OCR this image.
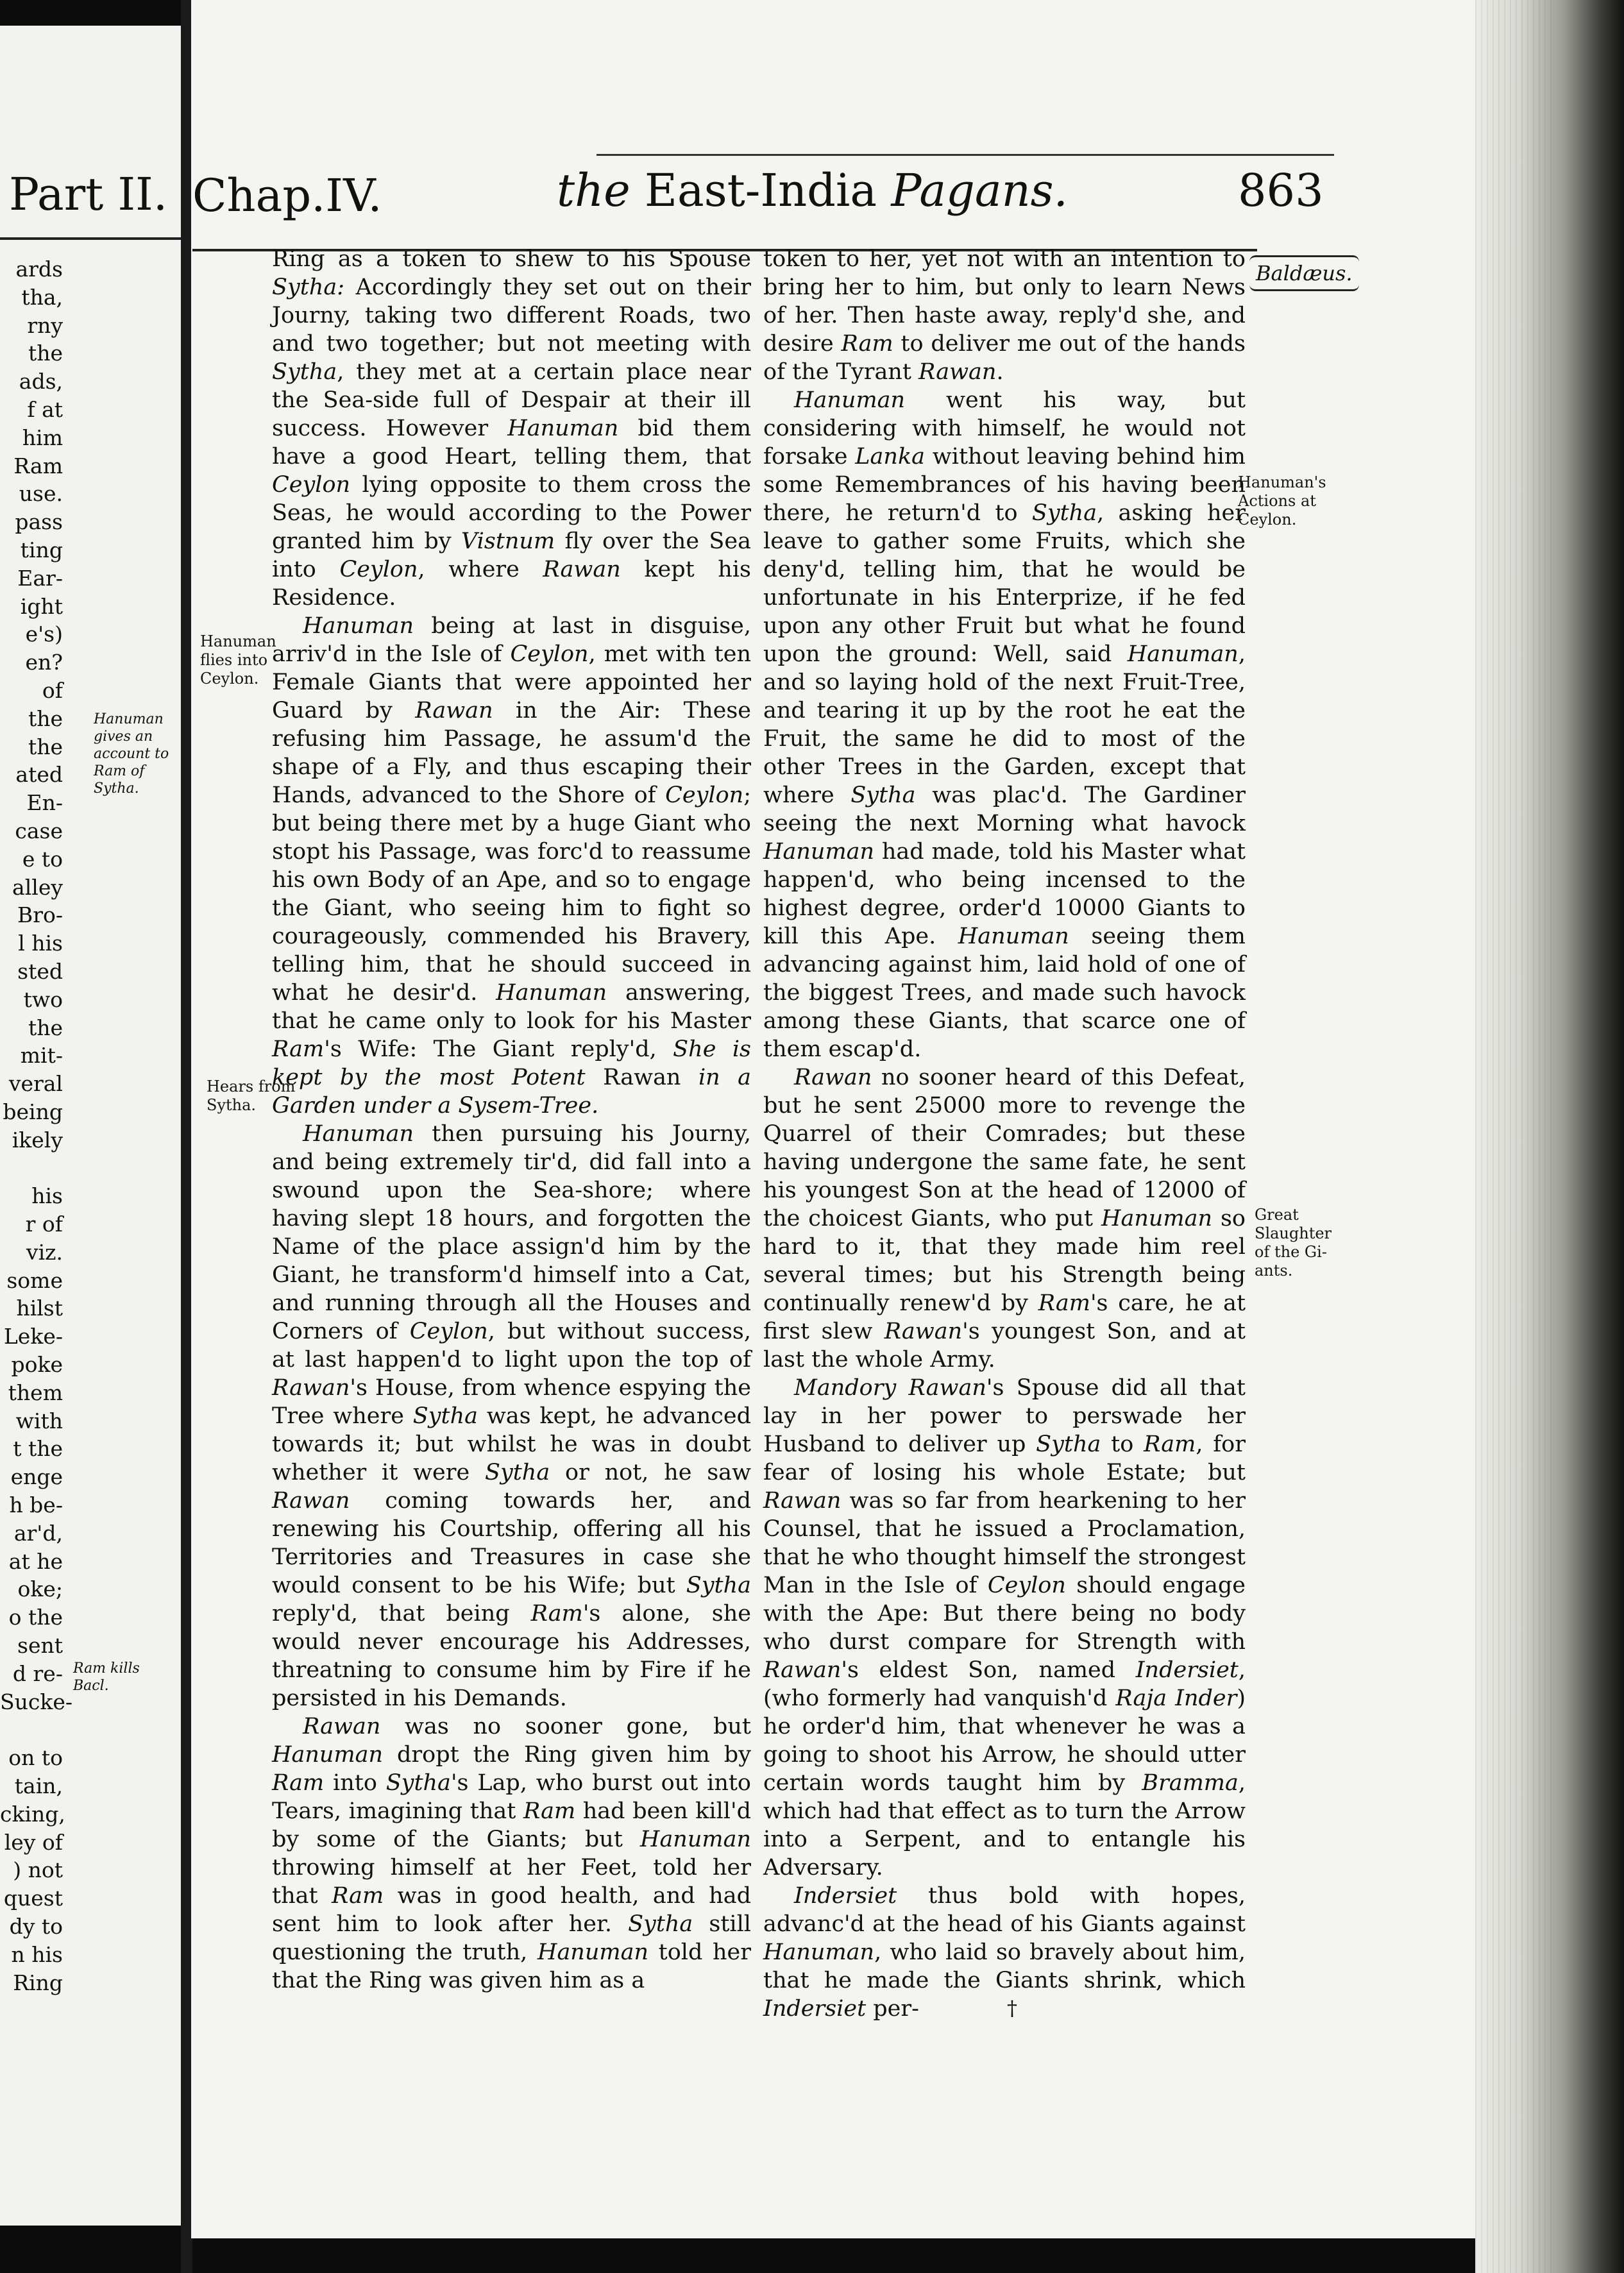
Part II.
ards
tha,
rny
the
ads,
f at
him
Ram
use.
pass
ting
Ear-
ight
e's)
en?
of
the
the
ated
En-
case
e to
alley
Bro-
l his
sted
two
the
mit-
veral
being
ikely
his
r of
viz.
some
hilst
Leke-
poke
them
with
t the
enge
h be-
ar'd,
at he
oke;
o the
sent
d re-
Sucke-
on to
tain,
cking,
ley of
) not
quest
dy to
n his
Ring
Hanuman
gives an
account to
Ram of
Sytha.
Ram kills
Bacl.
Chap.IV.	the East-India Pagans.	863
Baldæus.
Hanuman
flies into
Ceylon.
Hears from
Sytha.
Hanuman's
Actions at
Ceylon.
Great
Slaughter
of the Gi-
ants.

Ring as a token to shew to his Spouse Sytha: Accordingly they set out on their Journy, taking two different Roads, two and two together; but not meeting with Sytha, they met at a certain place near the Sea-side full of Despair at their ill success. However Hanuman bid them have a good Heart, telling them, that Ceylon lying opposite to them cross the Seas, he would according to the Power granted him by Vistnum fly over the Sea into Ceylon, where Rawan kept his Residence.

Hanuman being at last in disguise, arriv'd in the Isle of Ceylon, met with ten Female Giants that were appointed her Guard by Rawan in the Air: These refusing him Passage, he assum'd the shape of a Fly, and thus escaping their Hands, advanced to the Shore of Ceylon; but being there met by a huge Giant who stopt his Passage, was forc'd to reassume his own Body of an Ape, and so to engage the Giant, who seeing him to fight so courageously, commended his Bravery, telling him, that he should succeed in what he desir'd. Hanuman answering, that he came only to look for his Master Ram's Wife: The Giant reply'd, She is kept by the most Potent Rawan in a Garden under a Sysem-Tree.

Hanuman then pursuing his Journy, and being extremely tir'd, did fall into a swound upon the Sea-shore; where having slept 18 hours, and forgotten the Name of the place assign'd him by the Giant, he transform'd himself into a Cat, and running through all the Houses and Corners of Ceylon, but without success, at last happen'd to light upon the top of Rawan's House, from whence espying the Tree where Sytha was kept, he advanced towards it; but whilst he was in doubt whether it were Sytha or not, he saw Rawan coming towards her, and renewing his Courtship, offering all his Territories and Treasures in case she would consent to be his Wife; but Sytha reply'd, that being Ram's alone, she would never encourage his Addresses, threatning to consume him by Fire if he persisted in his Demands.

Rawan was no sooner gone, but Hanuman dropt the Ring given him by Ram into Sytha's Lap, who burst out into Tears, imagining that Ram had been kill'd by some of the Giants; but Hanuman throwing himself at her Feet, told her that Ram was in good health, and had sent him to look after her. Sytha still questioning the truth, Hanuman told her that the Ring was given him as a

token to her, yet not with an intention to bring her to him, but only to learn News of her. Then haste away, reply'd she, and desire Ram to deliver me out of the hands of the Tyrant Rawan.

Hanuman went his way, but considering with himself, he would not forsake Lanka without leaving behind him some Remembrances of his having been there, he return'd to Sytha, asking her leave to gather some Fruits, which she deny'd, telling him, that he would be unfortunate in his Enterprize, if he fed upon any other Fruit but what he found upon the ground: Well, said Hanuman, and so laying hold of the next Fruit-Tree, and tearing it up by the root he eat the Fruit, the same he did to most of the other Trees in the Garden, except that where Sytha was plac'd. The Gardiner seeing the next Morning what havock Hanuman had made, told his Master what happen'd, who being incensed to the highest degree, order'd 10000 Giants to kill this Ape. Hanuman seeing them advancing against him, laid hold of one of the biggest Trees, and made such havock among these Giants, that scarce one of them escap'd.

Rawan no sooner heard of this Defeat, but he sent 25000 more to revenge the Quarrel of their Comrades; but these having undergone the same fate, he sent his youngest Son at the head of 12000 of the choicest Giants, who put Hanuman so hard to it, that they made him reel several times; but his Strength being continually renew'd by Ram's care, he at first slew Rawan's youngest Son, and at last the whole Army.

Mandory Rawan's Spouse did all that lay in her power to perswade her Husband to deliver up Sytha to Ram, for fear of losing his whole Estate; but Rawan was so far from hearkening to her Counsel, that he issued a Proclamation, that he who thought himself the strongest Man in the Isle of Ceylon should engage with the Ape: But there being no body who durst compare for Strength with Rawan's eldest Son, named Indersiet, (who formerly had vanquish'd Raja Inder) he order'd him, that whenever he was a going to shoot his Arrow, he should utter certain words taught him by Bramma, which had that effect as to turn the Arrow into a Serpent, and to entangle his Adversary.

Indersiet thus bold with hopes, advanc'd at the head of his Giants against Hanuman, who laid so bravely about him, that he made the Giants shrink, which Indersiet per-	†
